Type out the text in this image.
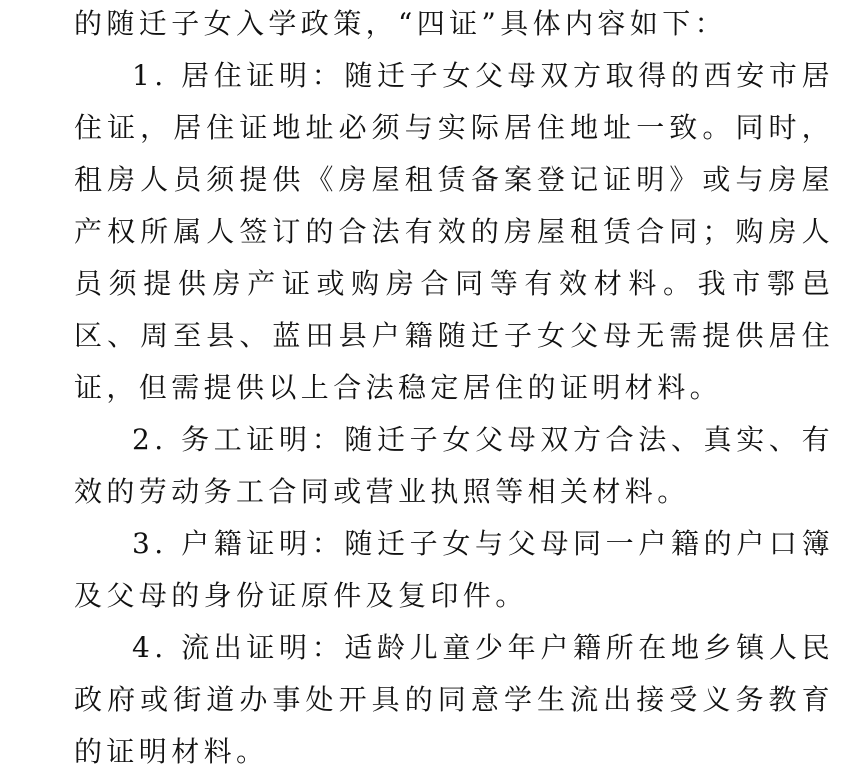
的随迁子女入学政策，“四证”具体内容如下：

1. 居住证明：随迁子女父母双方取得的西安市居住证，居住证地址必须与实际居住地址一致。同时，租房人员须提供《房屋租赁备案登记证明》或与房屋产权所属人签订的合法有效的房屋租赁合同；购房人员须提供房产证或购房合同等有效材料。我市鄠邑区、周至县、蓝田县户籍随迁子女父母无需提供居住证，但需提供以上合法稳定居住的证明材料。

2. 务工证明：随迁子女父母双方合法、真实、有效的劳动务工合同或营业执照等相关材料。

3. 户籍证明：随迁子女与父母同一户籍的户口簿及父母的身份证原件及复印件。

4. 流出证明：适龄儿童少年户籍所在地乡镇人民政府或街道办事处开具的同意学生流出接受义务教育的证明材料。
